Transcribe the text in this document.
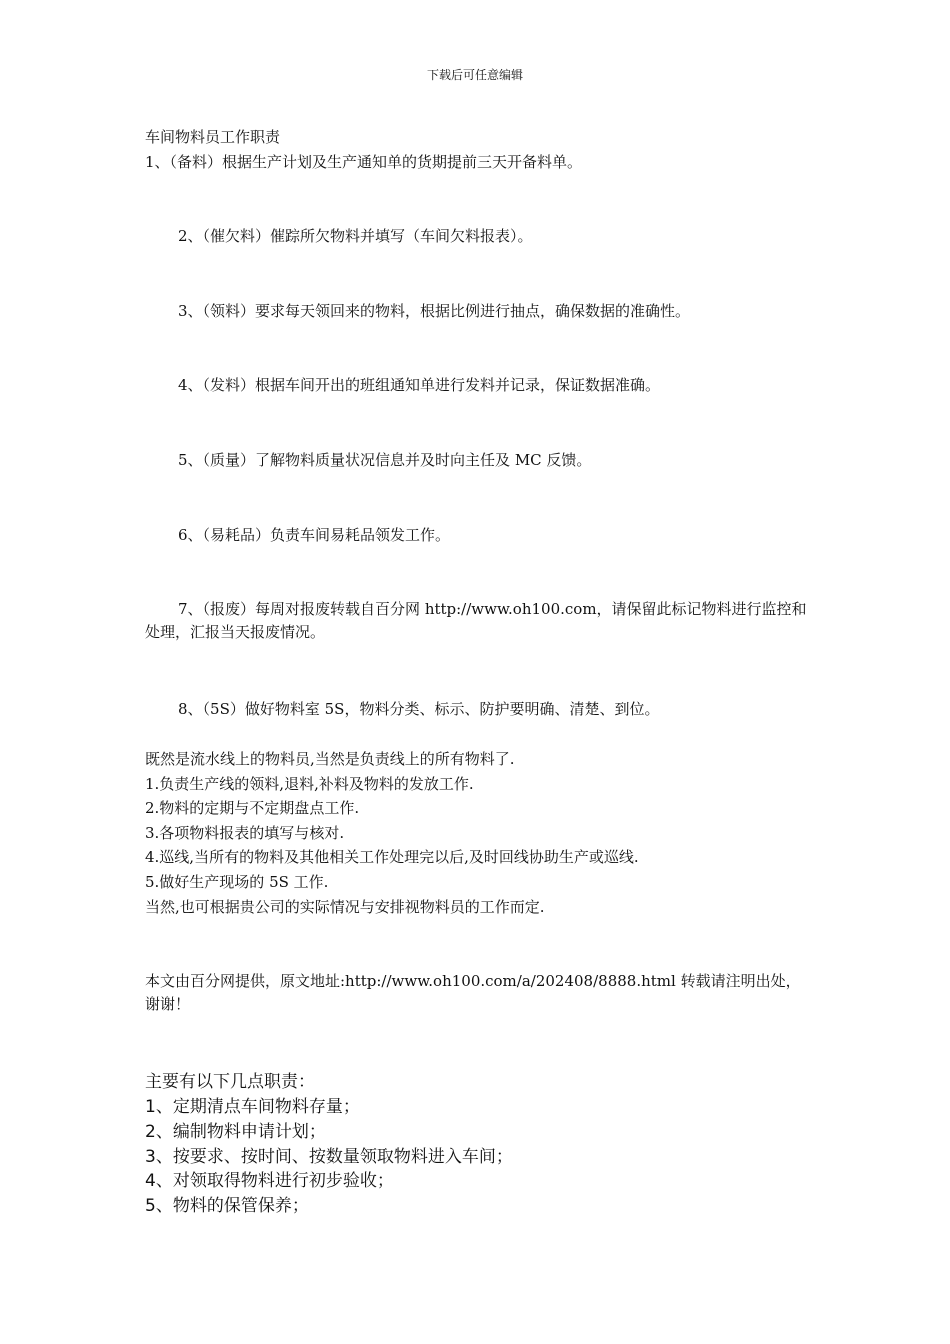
下载后可任意编辑
车间物料员工作职责
1、（备料）根据生产计划及生产通知单的货期提前三天开备料单。
2、（催欠料）催踪所欠物料并填写（车间欠料报表）。
3、（领料）要求每天领回来的物料，根据比例进行抽点，确保数据的准确性。
4、（发料）根据车间开出的班组通知单进行发料并记录，保证数据准确。
5、（质量）了解物料质量状况信息并及时向主任及 MC 反馈。
6、（易耗品）负责车间易耗品领发工作。
7、（报废）每周对报废转载自百分网 http://www.oh100.com，请保留此标记物料进行监控和处理，汇报当天报废情况。
8、（5S）做好物料室 5S，物料分类、标示、防护要明确、清楚、到位。
既然是流水线上的物料员,当然是负责线上的所有物料了.
1.负责生产线的领料,退料,补料及物料的发放工作.
2.物料的定期与不定期盘点工作.
3.各项物料报表的填写与核对.
4.巡线,当所有的物料及其他相关工作处理完以后,及时回线协助生产或巡线.
5.做好生产现场的 5S 工作.
当然,也可根据贵公司的实际情况与安排视物料员的工作而定.
本文由百分网提供，原文地址:http://www.oh100.com/a/202408/8888.html 转载请注明出处，谢谢！
主要有以下几点职责：
1、定期清点车间物料存量；
2、编制物料申请计划；
3、按要求、按时间、按数量领取物料进入车间；
4、对领取得物料进行初步验收；
5、物料的保管保养；
